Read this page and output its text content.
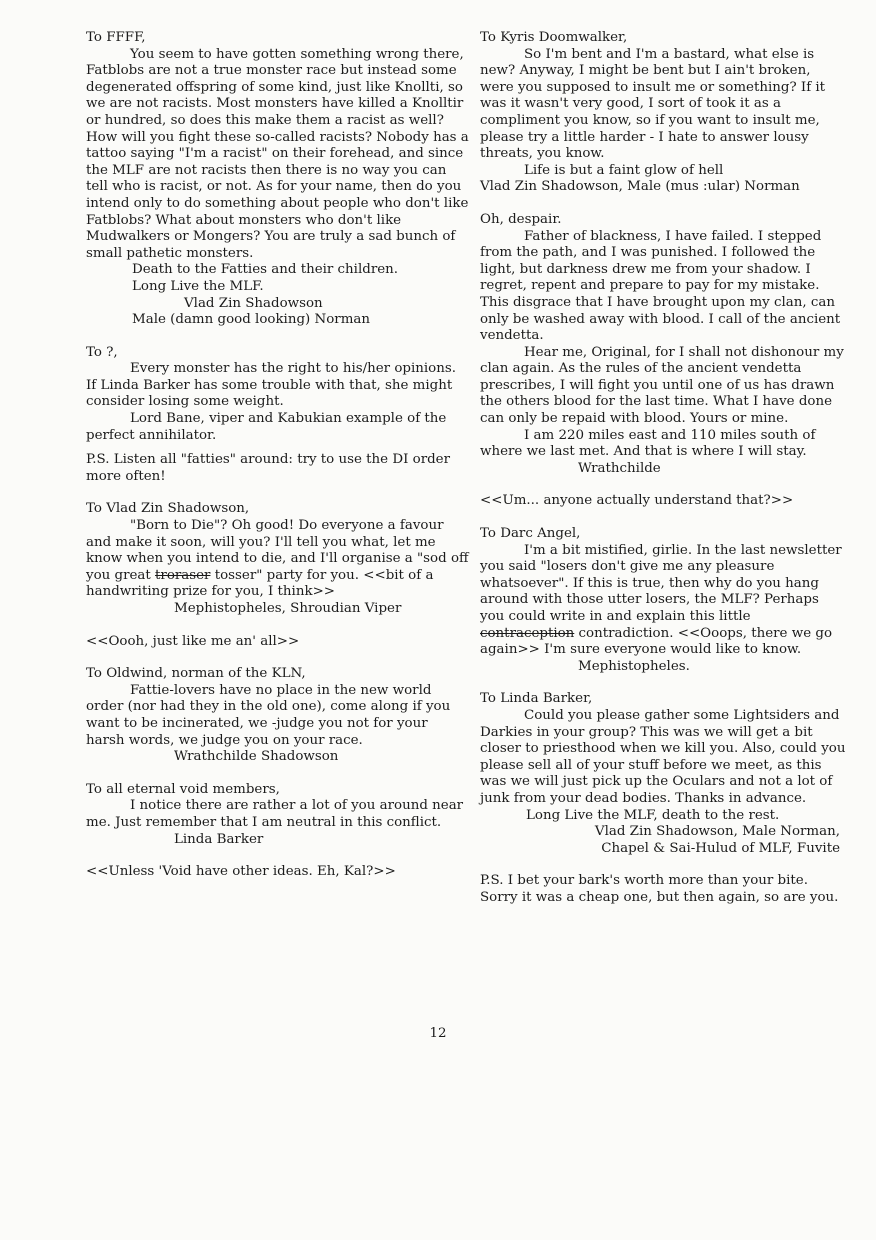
To FFFF,

You seem to have gotten something wrong there, Fatblobs are not a true monster race but instead some degenerated offspring of some kind, just like Knollti, so we are not racists. Most monsters have killed a Knolltir or hundred, so does this make them a racist as well? How will you fight these so-called racists? Nobody has a tattoo saying "I'm a racist" on their forehead, and since the MLF are not racists then there is no way you can tell who is racist, or not. As for your name, then do you intend only to do something about people who don't like Fatblobs? What about monsters who don't like Mudwalkers or Mongers? You are truly a sad bunch of small pathetic monsters.

Death to the Fatties and their children.

Long Live the MLF.

Vlad Zin Shadowson

Male (damn good looking) Norman

To ?,

Every monster has the right to his/her opinions. If Linda Barker has some trouble with that, she might consider losing some weight.

Lord Bane, viper and Kabukian example of the perfect annihilator.

P.S. Listen all "fatties" around: try to use the DI order more often!

To Vlad Zin Shadowson,

"Born to Die"? Oh good! Do everyone a favour and make it soon, will you? I'll tell you what, let me know when you intend to die, and I'll organise a "sod off you great troraser tosser" party for you. <<bit of a handwriting prize for you, I think>>

Mephistopheles, Shroudian Viper

<<Oooh, just like me an' all>>

To Oldwind, norman of the KLN,

Fattie-lovers have no place in the new world order (nor had they in the old one), come along if you want to be incinerated, we -judge you not for your harsh words, we judge you on your race.

Wrathchilde Shadowson

To all eternal void members,

I notice there are rather a lot of you around near me. Just remember that I am neutral in this conflict.

Linda Barker

<<Unless 'Void have other ideas. Eh, Kal?>>

To Kyris Doomwalker,

So I'm bent and I'm a bastard, what else is new? Anyway, I might be bent but I ain't broken, were you supposed to insult me or something? If it was it wasn't very good, I sort of took it as a compliment you know, so if you want to insult me, please try a little harder - I hate to answer lousy threats, you know.

Life is but a faint glow of hell

Vlad Zin Shadowson, Male (mus :ular) Norman

Oh, despair.

Father of blackness, I have failed. I stepped from the path, and I was punished. I followed the light, but darkness drew me from your shadow. I regret, repent and prepare to pay for my mistake. This disgrace that I have brought upon my clan, can only be washed away with blood. I call of the ancient vendetta.

Hear me, Original, for I shall not dishonour my clan again. As the rules of the ancient vendetta prescribes, I will fight you until one of us has drawn the others blood for the last time. What I have done can only be repaid with blood. Yours or mine.

I am 220 miles east and 110 miles south of where we last met. And that is where I will stay.

Wrathchilde

<<Um... anyone actually understand that?>>

To Darc Angel,

I'm a bit mistified, girlie. In the last newsletter you said "losers don't give me any pleasure whatsoever". If this is true, then why do you hang around with those utter losers, the MLF? Perhaps you could write in and explain this little contraception contradiction. <<Ooops, there we go again>> I'm sure everyone would like to know.

Mephistopheles.

To Linda Barker,

Could you please gather some Lightsiders and Darkies in your group? This was we will get a bit closer to priesthood when we kill you. Also, could you please sell all of your stuff before we meet, as this was we will just pick up the Oculars and not a lot of junk from your dead bodies. Thanks in advance.

Long Live the MLF, death to the rest.

Vlad Zin Shadowson, Male Norman,

Chapel & Sai-Hulud of MLF, Fuvite

P.S. I bet your bark's worth more than your bite. Sorry it was a cheap one, but then again, so are you.

12
